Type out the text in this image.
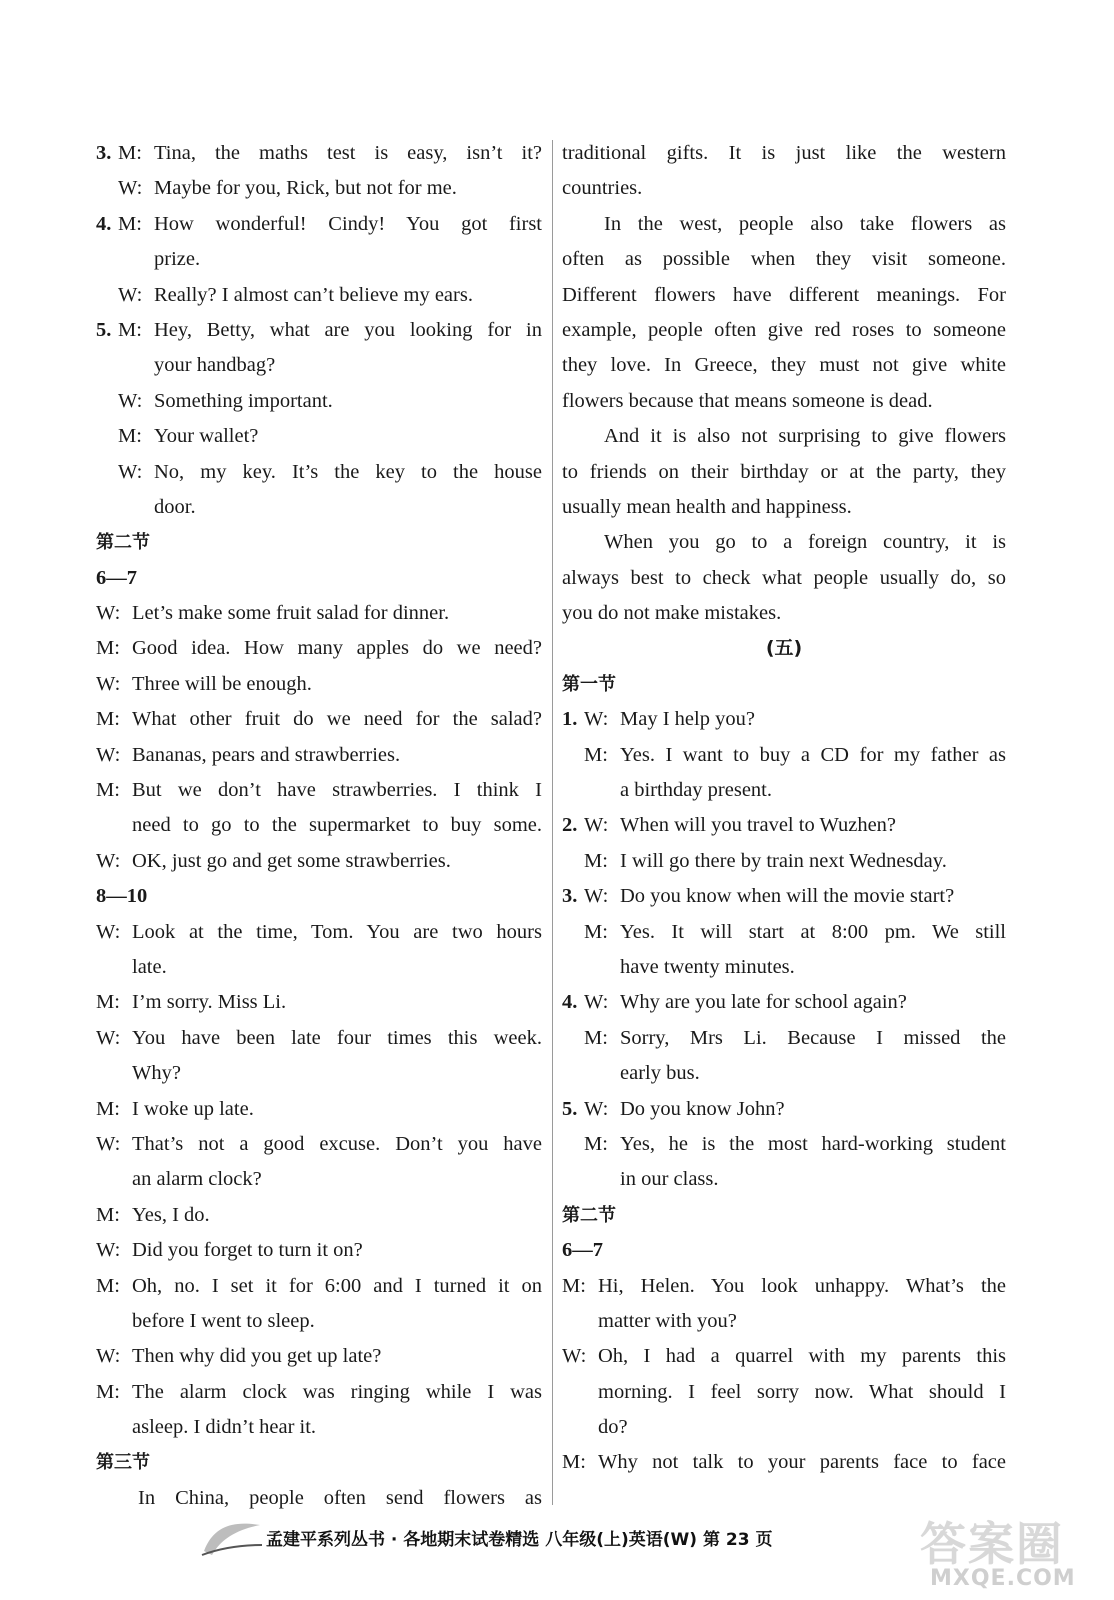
3. M: Tina, the maths test is easy, isn’t it?
W: Maybe for you, Rick, but not for me.
4. M: How wonderful! Cindy! You got first
prize.
W: Really? I almost can’t believe my ears.
5. M: Hey, Betty, what are you looking for in
your handbag?
W: Something important.
M: Your wallet?
W: No, my key. It’s the key to the house
door.
第二节
6—7
W: Let’s make some fruit salad for dinner.
M: Good idea. How many apples do we need?
W: Three will be enough.
M: What other fruit do we need for the salad?
W: Bananas, pears and strawberries.
M: But we don’t have strawberries. I think I
need to go to the supermarket to buy some.
W: OK, just go and get some strawberries.
8—10
W: Look at the time, Tom. You are two hours
late.
M: I’m sorry. Miss Li.
W: You have been late four times this week.
Why?
M: I woke up late.
W: That’s not a good excuse. Don’t you have
an alarm clock?
M: Yes, I do.
W: Did you forget to turn it on?
M: Oh, no. I set it for 6:00 and I turned it on
before I went to sleep.
W: Then why did you get up late?
M: The alarm clock was ringing while I was
asleep. I didn’t hear it.
第三节
In China, people often send flowers as
traditional gifts. It is just like the western
countries.
In the west, people also take flowers as
often as possible when they visit someone.
Different flowers have different meanings. For
example, people often give red roses to someone
they love. In Greece, they must not give white
flowers because that means someone is dead.
And it is also not surprising to give flowers
to friends on their birthday or at the party, they
usually mean health and happiness.
When you go to a foreign country, it is
always best to check what people usually do, so
you do not make mistakes.
(五)
第一节
1. W: May I help you?
M: Yes. I want to buy a CD for my father as
a birthday present.
2. W: When will you travel to Wuzhen?
M: I will go there by train next Wednesday.
3. W: Do you know when will the movie start?
M: Yes. It will start at 8:00 pm. We still
have twenty minutes.
4. W: Why are you late for school again?
M: Sorry, Mrs Li. Because I missed the
early bus.
5. W: Do you know John?
M: Yes, he is the most hard-working student
in our class.
第二节
6—7
M: Hi, Helen. You look unhappy. What’s the
matter with you?
W: Oh, I had a quarrel with my parents this
morning. I feel sorry now. What should I
do?
M: Why not talk to your parents face to face
孟建平系列丛书 · 各地期末试卷精选 八年级(上)英语(W) 第 23 页	答案圈
MXQE.COM
